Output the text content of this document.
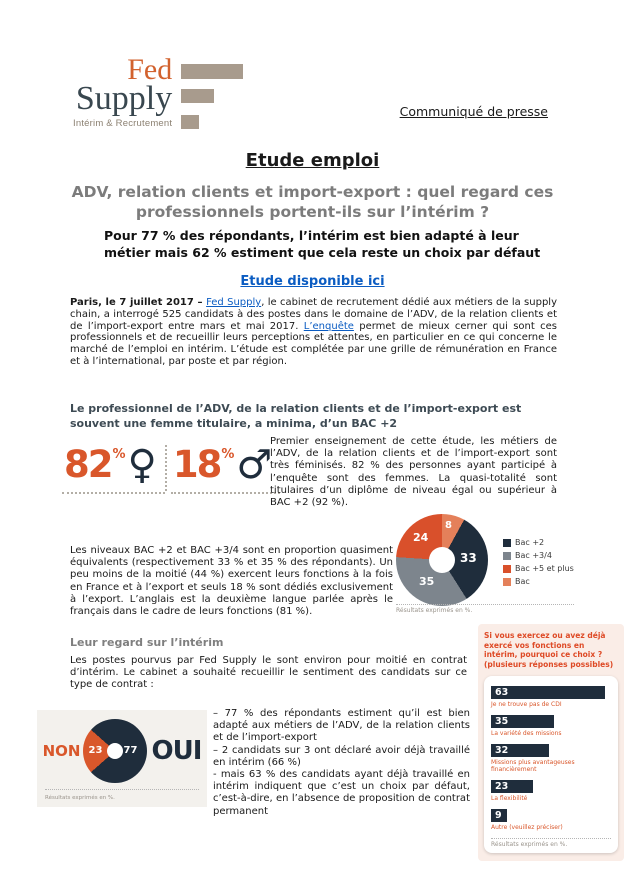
Fed
Supply
Intérim & Recrutement
Communiqué de presse
Etude emploi
ADV, relation clients et import-export : quel regard ces professionnels portent-ils sur l’intérim ?
Pour 77 % des répondants, l’intérim est bien adapté à leur métier mais 62 % estiment que cela reste un choix par défaut
Etude disponible ici
Paris, le 7 juillet 2017 – Fed Supply, le cabinet de recrutement dédié aux métiers de la supply chain, a interrogé 525 candidats à des postes dans le domaine de l’ADV, de la relation clients et de l’import-export entre mars et mai 2017. L’enquête permet de mieux cerner qui sont ces professionnels et de recueillir leurs perceptions et attentes, en particulier en ce qui concerne le marché de l’emploi en intérim. L’étude est complétée par une grille de rémunération en France et à l’international, par poste et par région.
Le professionnel de l’ADV, de la relation clients et de l’import-export est souvent une femme titulaire, a minima, d’un BAC +2
82 % ♀ 18 % ♂
Premier enseignement de cette étude, les métiers de l’ADV, de la relation clients et de l’import-export sont très féminisés. 82 % des personnes ayant participé à l’enquête sont des femmes. La quasi-totalité sont titulaires d’un diplôme de niveau égal ou supérieur à BAC +2 (92 %).
Les niveaux BAC +2 et BAC +3/4 sont en proportion quasiment équivalents (respectivement 33 % et 35 % des répondants). Un peu moins de la moitié (44 %) exercent leurs fonctions à la fois en France et à l’export et seuls 18 % sont dédiés exclusivement à l’export. L’anglais est la deuxième langue parlée après le français dans le cadre de leurs fonctions (81 %).
8
33
35
24	Bac +2
Bac +3/4
Bac +5 et plus
Bac
Résultats exprimés en %.
Leur regard sur l’intérim
Les postes pourvus par Fed Supply le sont environ pour moitié en contrat d’intérim. Le cabinet a souhaité recueillir le sentiment des candidats sur ce type de contrat :
Si vous exercez ou avez déjà exercé vos fonctions en intérim, pourquoi ce choix ? (plusieurs réponses possibles)
63
Je ne trouve pas de CDI
35
La variété des missions
32
Missions plus avantageuses financièrement
23
La flexibilité
9
Autre (veuillez préciser)
Résultats exprimés en %.
NON 23 77 OUI
Résultats exprimés en %.

– 77 % des répondants estiment qu’il est bien adapté aux métiers de l’ADV, de la relation clients et de l’import-export

– 2 candidats sur 3 ont déclaré avoir déjà travaillé en intérim (66 %)

- mais 63 % des candidats ayant déjà travaillé en intérim indiquent que c’est un choix par défaut, c’est-à-dire, en l’absence de proposition de contrat permanent
